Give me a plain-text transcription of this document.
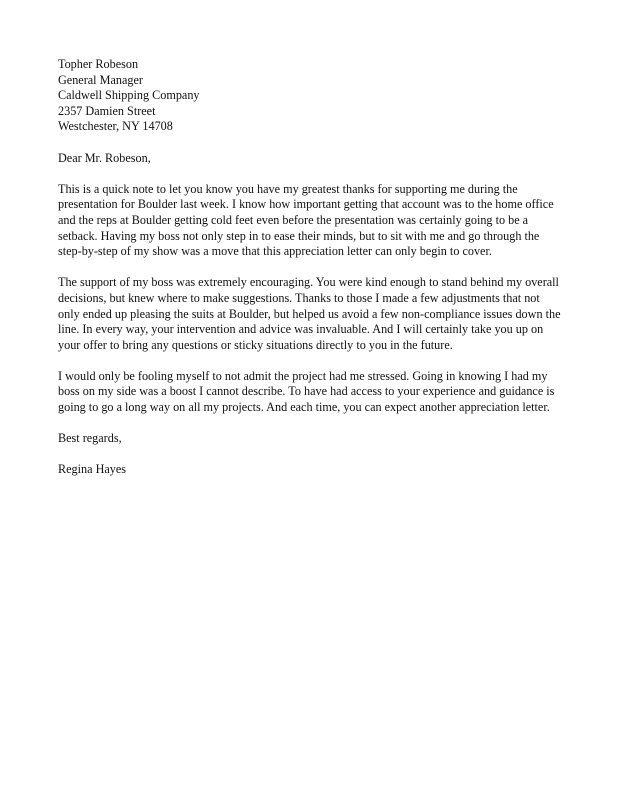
Topher Robeson
General Manager
Caldwell Shipping Company
2357 Damien Street
Westchester, NY 14708
Dear Mr. Robeson,
This is a quick note to let you know you have my greatest thanks for supporting me during the
presentation for Boulder last week. I know how important getting that account was to the home office
and the reps at Boulder getting cold feet even before the presentation was certainly going to be a
setback. Having my boss not only step in to ease their minds, but to sit with me and go through the
step-by-step of my show was a move that this appreciation letter can only begin to cover.
The support of my boss was extremely encouraging. You were kind enough to stand behind my overall
decisions, but knew where to make suggestions. Thanks to those I made a few adjustments that not
only ended up pleasing the suits at Boulder, but helped us avoid a few non-compliance issues down the
line. In every way, your intervention and advice was invaluable. And I will certainly take you up on
your offer to bring any questions or sticky situations directly to you in the future.
I would only be fooling myself to not admit the project had me stressed. Going in knowing I had my
boss on my side was a boost I cannot describe. To have had access to your experience and guidance is
going to go a long way on all my projects. And each time, you can expect another appreciation letter.
Best regards,
Regina Hayes
